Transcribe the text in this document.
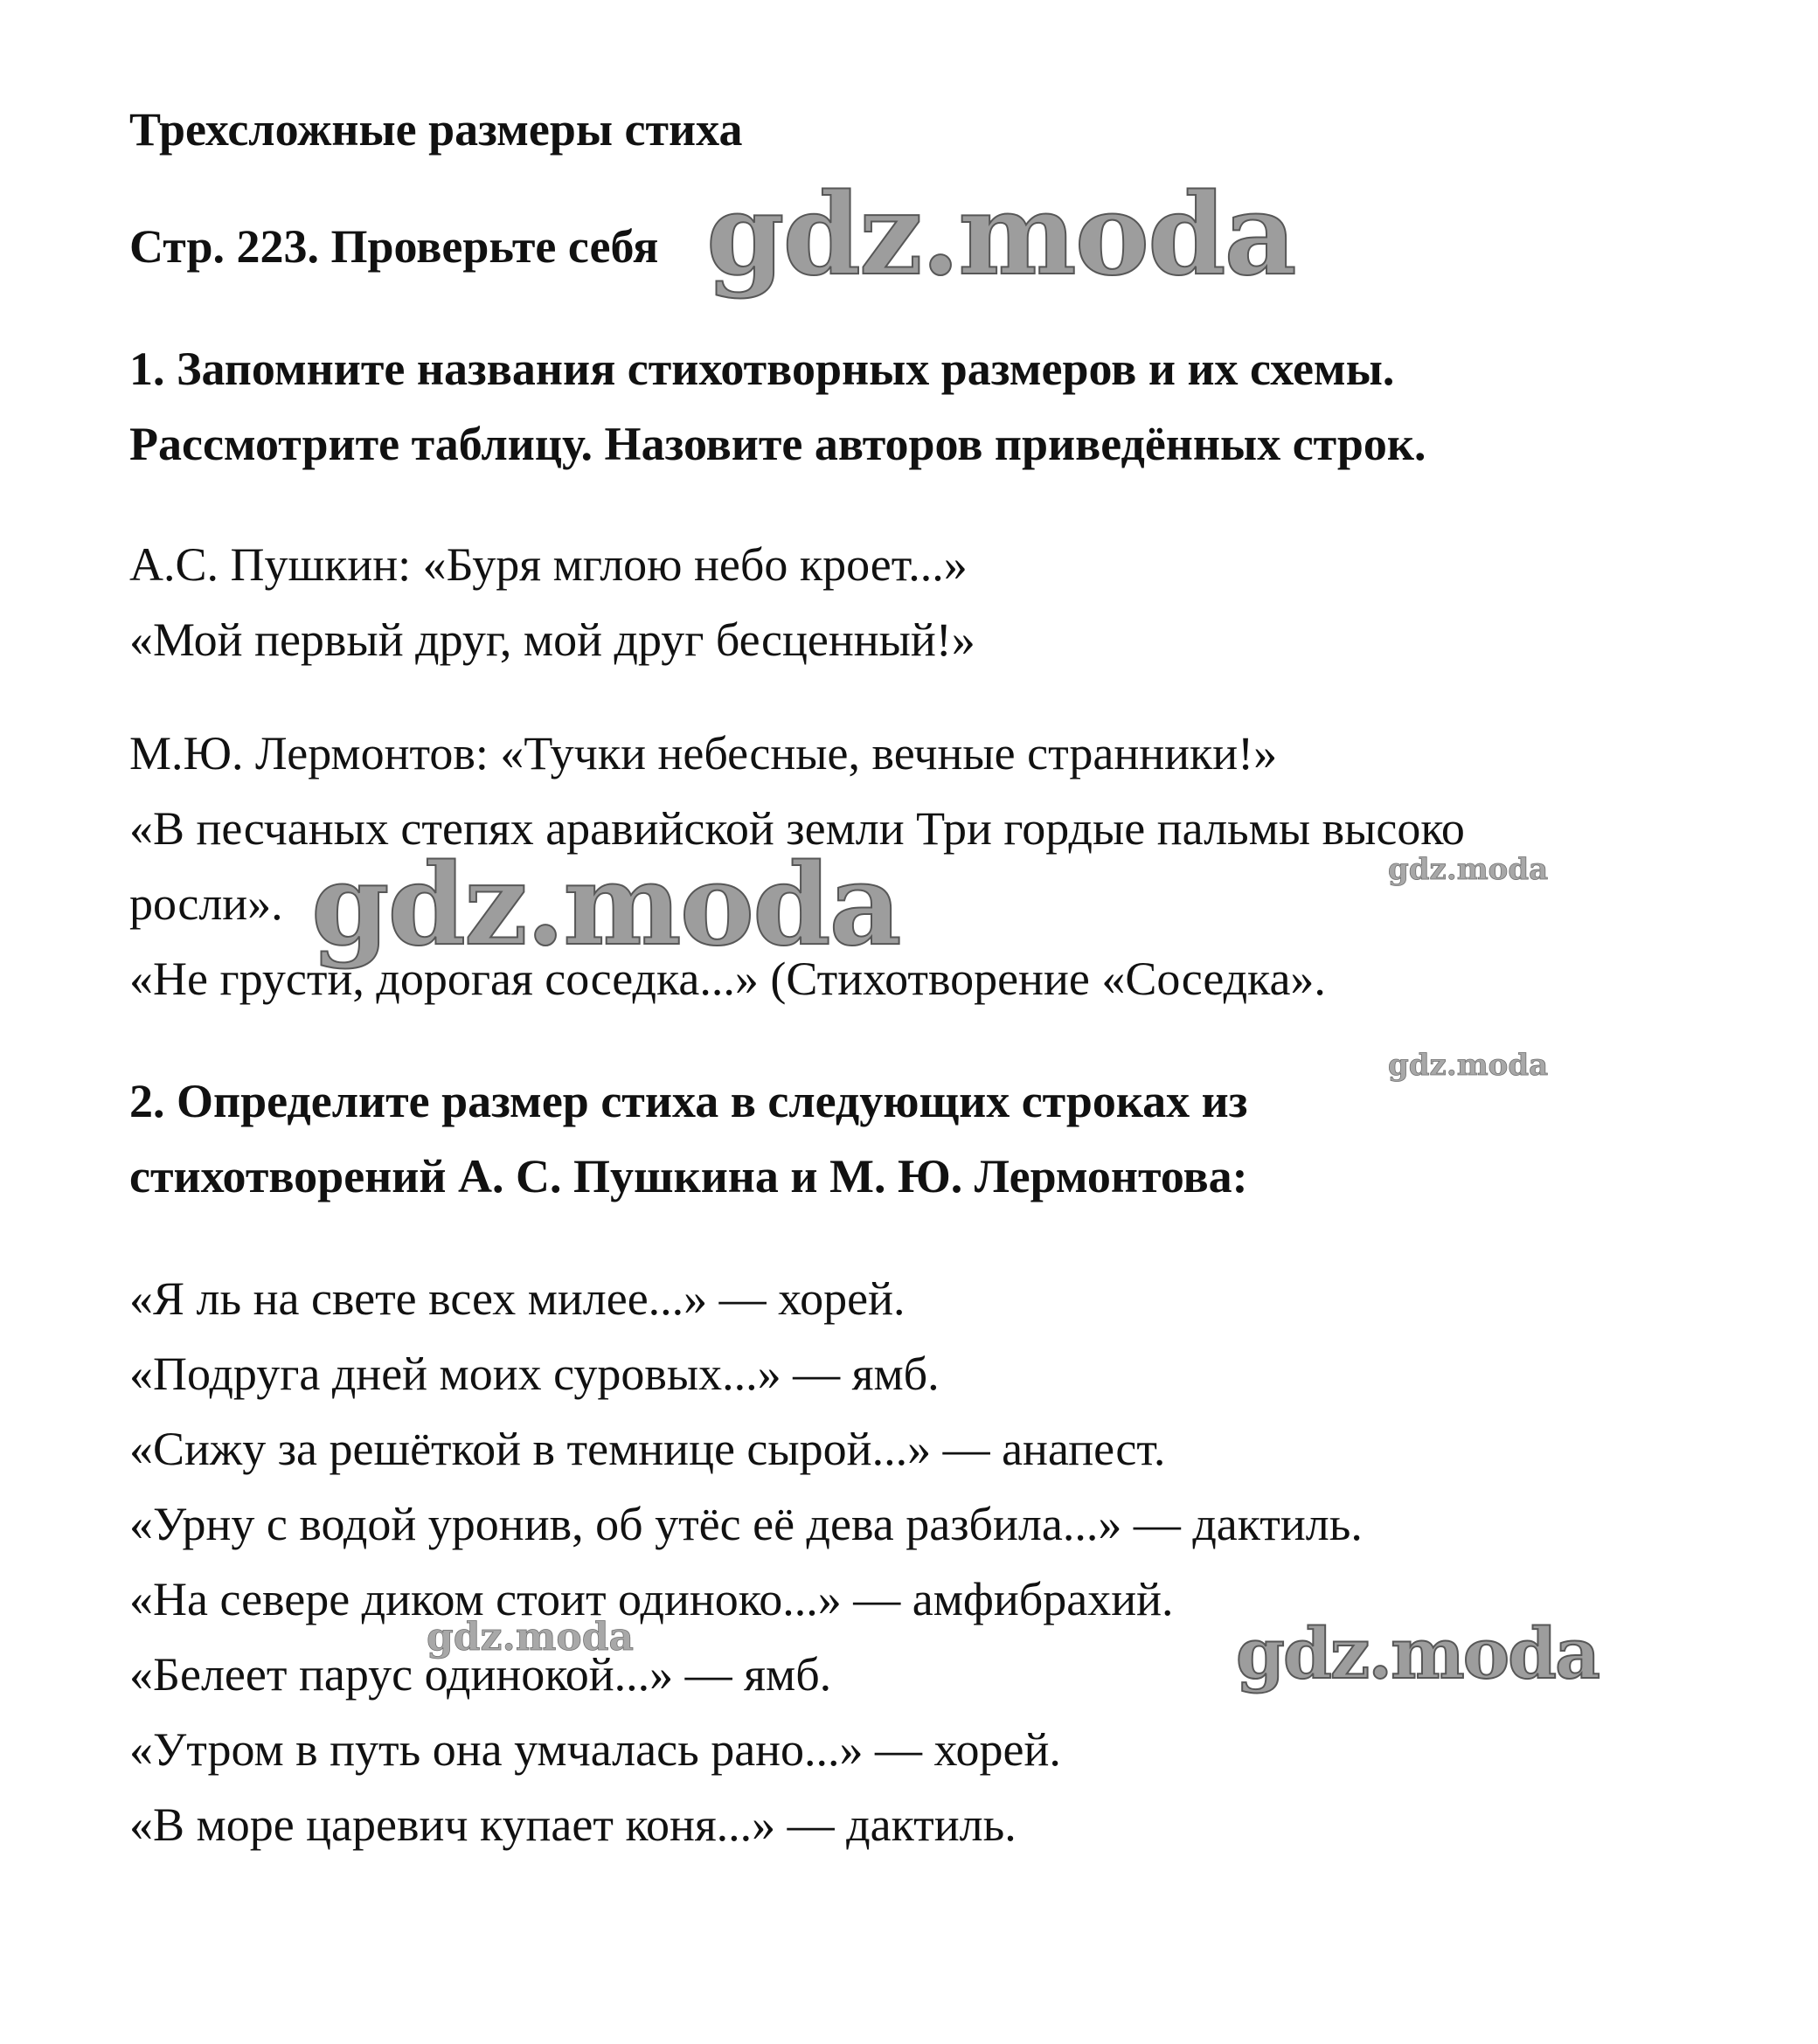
Трехсложные размеры стиха

Стр. 223. Проверьте себя

1. Запомните названия стихотворных размеров и их схемы.

Рассмотрите таблицу. Назовите авторов приведённых строк.

А.С. Пушкин: «Буря мглою небо кроет...»

«Мой первый друг, мой друг бесценный!»

М.Ю. Лермонтов: «Тучки небесные, вечные странники!»

«В песчаных степях аравийской земли Три гордые пальмы высоко

росли».

«Не грусти, дорогая соседка...» (Стихотворение «Соседка».

2. Определите размер стиха в следующих строках из

стихотворений А. С. Пушкина и М. Ю. Лермонтова:

«Я ль на свете всех милее...» — хорей.

«Подруга дней моих суровых...» — ямб.

«Сижу за решёткой в темнице сырой...» — анапест.

«Урну с водой уронив, об утёс её дева разбила...» — дактиль.

«На севере диком стоит одиноко...» — амфибрахий.

«Белеет парус одинокой...» — ямб.

«Утром в путь она умчалась рано...» — хорей.

«В море царевич купает коня...» — дактиль.

gdz.moda
gdz.moda	gdz.moda
gdz.moda
gdz.moda	gdz.moda
